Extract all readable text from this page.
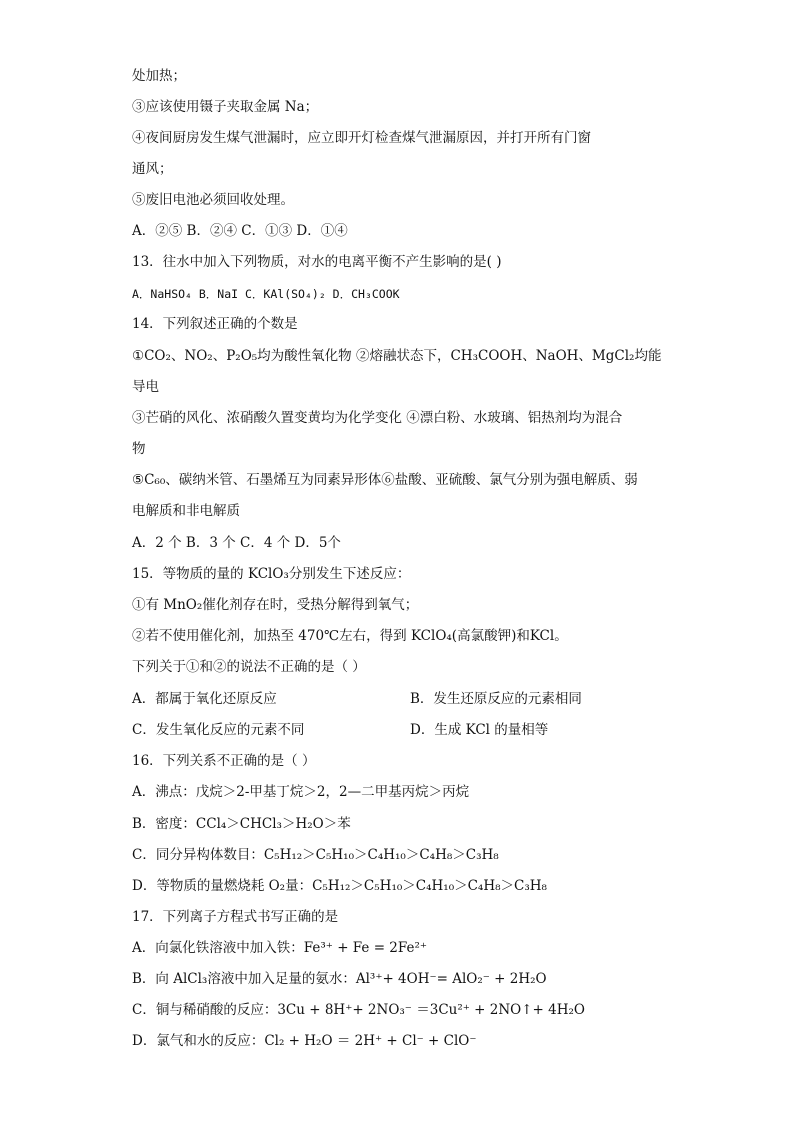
处加热；
③应该使用镊子夹取金属 Na；
④夜间厨房发生煤气泄漏时，应立即开灯检查煤气泄漏原因，并打开所有门窗
通风；
⑤废旧电池必须回收处理。
A．②⑤ B．②④ C．①③ D．①④
13．往水中加入下列物质，对水的电离平衡不产生影响的是( )
A．NaHSO₄ B．NaI C．KAl(SO₄)₂ D．CH₃COOK
14．下列叙述正确的个数是
①CO₂、NO₂、P₂O₅均为酸性氧化物 ②熔融状态下，CH₃COOH、NaOH、MgCl₂均能
导电
③芒硝的风化、浓硝酸久置变黄均为化学变化 ④漂白粉、水玻璃、铝热剂均为混合
物
⑤C₆₀、碳纳米管、石墨烯互为同素异形体⑥盐酸、亚硫酸、氯气分别为强电解质、弱
电解质和非电解质
A．2 个 B．3 个 C．4 个 D．5个
15．等物质的量的 KClO₃分别发生下述反应：
①有 MnO₂催化剂存在时，受热分解得到氧气；
②若不使用催化剂，加热至 470℃左右，得到 KClO₄(高氯酸钾)和KCl。
下列关于①和②的说法不正确的是（ ）
A．都属于氧化还原反应	B．发生还原反应的元素相同
C．发生氧化反应的元素不同	D．生成 KCl 的量相等
16．下列关系不正确的是（ ）
A．沸点：戊烷＞2-甲基丁烷＞2，2—二甲基丙烷＞丙烷
B．密度：CCl₄＞CHCl₃＞H₂O＞苯
C．同分异构体数目：C₅H₁₂＞C₅H₁₀＞C₄H₁₀＞C₄H₈＞C₃H₈
D．等物质的量燃烧耗 O₂量：C₅H₁₂＞C₅H₁₀＞C₄H₁₀＞C₄H₈＞C₃H₈
17．下列离子方程式书写正确的是
A．向氯化铁溶液中加入铁：Fe³⁺ + Fe = 2Fe²⁺
B．向 AlCl₃溶液中加入足量的氨水：Al³⁺+ 4OH⁻= AlO₂⁻ + 2H₂O
C．铜与稀硝酸的反应：3Cu + 8H⁺+ 2NO₃⁻ ＝3Cu²⁺ + 2NO↑+ 4H₂O
D．氯气和水的反应：Cl₂ + H₂O ＝ 2H⁺ + Cl⁻ + ClO⁻
